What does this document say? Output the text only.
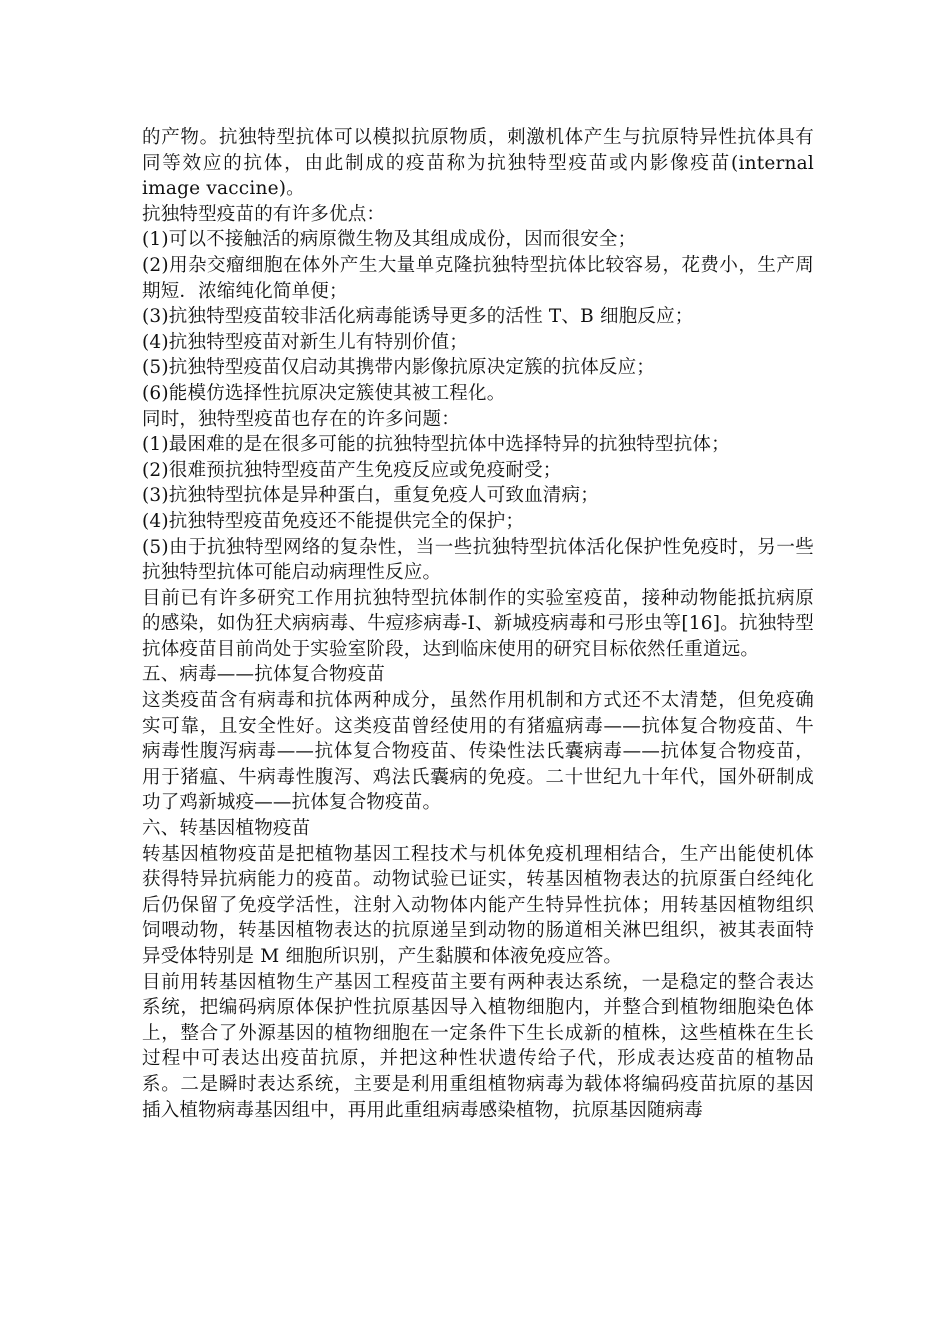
的产物。抗独特型抗体可以模拟抗原物质，刺激机体产生与抗原特异性抗体具有同等效应的抗体，由此制成的疫苗称为抗独特型疫苗或内影像疫苗(internal image vaccine)。

抗独特型疫苗的有许多优点：

(1)可以不接触活的病原微生物及其组成成份，因而很安全；

(2)用杂交瘤细胞在体外产生大量单克隆抗独特型抗体比较容易，花费小，生产周期短．浓缩纯化简单便；

(3)抗独特型疫苗较非活化病毒能诱导更多的活性 T、B 细胞反应；

(4)抗独特型疫苗对新生儿有特别价值；

(5)抗独特型疫苗仅启动其携带内影像抗原决定簇的抗体反应；

(6)能模仿选择性抗原决定簇使其被工程化。

同时，独特型疫苗也存在的许多问题：

(1)最困难的是在很多可能的抗独特型抗体中选择特异的抗独特型抗体；

(2)很难预抗独特型疫苗产生免疫反应或免疫耐受；

(3)抗独特型抗体是异种蛋白，重复免疫人可致血清病；

(4)抗独特型疫苗免疫还不能提供完全的保护；

(5)由于抗独特型网络的复杂性，当一些抗独特型抗体活化保护性免疫时，另一些抗独特型抗体可能启动病理性反应。

目前已有许多研究工作用抗独特型抗体制作的实验室疫苗，接种动物能抵抗病原的感染，如伪狂犬病病毒、牛痘疹病毒-Ⅰ、新城疫病毒和弓形虫等[16]。抗独特型抗体疫苗目前尚处于实验室阶段，达到临床使用的研究目标依然任重道远。

五、病毒——抗体复合物疫苗

这类疫苗含有病毒和抗体两种成分，虽然作用机制和方式还不太清楚，但免疫确实可靠，且安全性好。这类疫苗曾经使用的有猪瘟病毒——抗体复合物疫苗、牛病毒性腹泻病毒——抗体复合物疫苗、传染性法氏囊病毒——抗体复合物疫苗，用于猪瘟、牛病毒性腹泻、鸡法氏囊病的免疫。二十世纪九十年代，国外研制成功了鸡新城疫——抗体复合物疫苗。

六、转基因植物疫苗

转基因植物疫苗是把植物基因工程技术与机体免疫机理相结合，生产出能使机体获得特异抗病能力的疫苗。动物试验已证实，转基因植物表达的抗原蛋白经纯化后仍保留了免疫学活性，注射入动物体内能产生特异性抗体；用转基因植物组织饲喂动物，转基因植物表达的抗原递呈到动物的肠道相关淋巴组织，被其表面特异受体特别是 M 细胞所识别，产生黏膜和体液免疫应答。

目前用转基因植物生产基因工程疫苗主要有两种表达系统，一是稳定的整合表达系统，把编码病原体保护性抗原基因导入植物细胞内，并整合到植物细胞染色体上，整合了外源基因的植物细胞在一定条件下生长成新的植株，这些植株在生长过程中可表达出疫苗抗原，并把这种性状遗传给子代，形成表达疫苗的植物品系。二是瞬时表达系统，主要是利用重组植物病毒为载体将编码疫苗抗原的基因插入植物病毒基因组中，再用此重组病毒感染植物，抗原基因随病毒
